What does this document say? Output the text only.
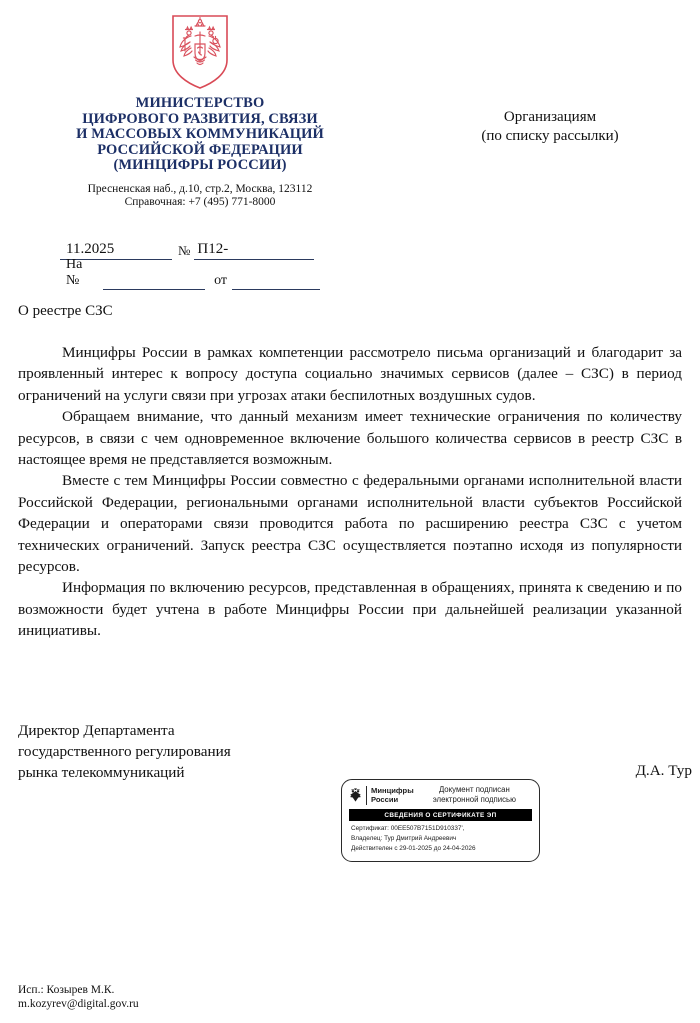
МИНИСТЕРСТВО
ЦИФРОВОГО РАЗВИТИЯ, СВЯЗИ
И МАССОВЫХ КОММУНИКАЦИЙ
РОССИЙСКОЙ ФЕДЕРАЦИИ
(МИНЦИФРЫ РОССИИ)
Пресненская наб., д.10, стр.2, Москва, 123112
Справочная: +7 (495) 771-8000
Организациям
(по списку рассылки)
11.2025	№ П12-
На №	от
О реестре СЗС

Минцифры России в рамках компетенции рассмотрело письма организаций и благодарит за проявленный интерес к вопросу доступа социально значимых сервисов (далее – СЗС) в период ограничений на услуги связи при угрозах атаки беспилотных воздушных судов.

Обращаем внимание, что данный механизм имеет технические ограничения по количеству ресурсов, в связи с чем одновременное включение большого количества сервисов в реестр СЗС в настоящее время не представляется возможным.

Вместе с тем Минцифры России совместно с федеральными органами исполнительной власти Российской Федерации, региональными органами исполнительной власти субъектов Российской Федерации и операторами связи проводится работа по расширению реестра СЗС с учетом технических ограничений. Запуск реестра СЗС осуществляется поэтапно исходя из популярности ресурсов.

Информация по включению ресурсов, представленная в обращениях, принята к сведению и по возможности будет учтена в работе Минцифры России при дальнейшей реализации указанной инициативы.

Директор Департамента
государственного регулирования
рынка телекоммуникаций	Д.А. Тур
Минцифры
России
Документ подписан
электронной подписью
СВЕДЕНИЯ О СЕРТИФИКАТЕ ЭП
Сертификат: 00EE507B7151D910337',
Владелец: Тур Дмитрий Андреевич
Действителен с 29-01-2025 до 24-04-2026
Исп.: Козырев М.К.
m.kozyrev@digital.gov.ru
